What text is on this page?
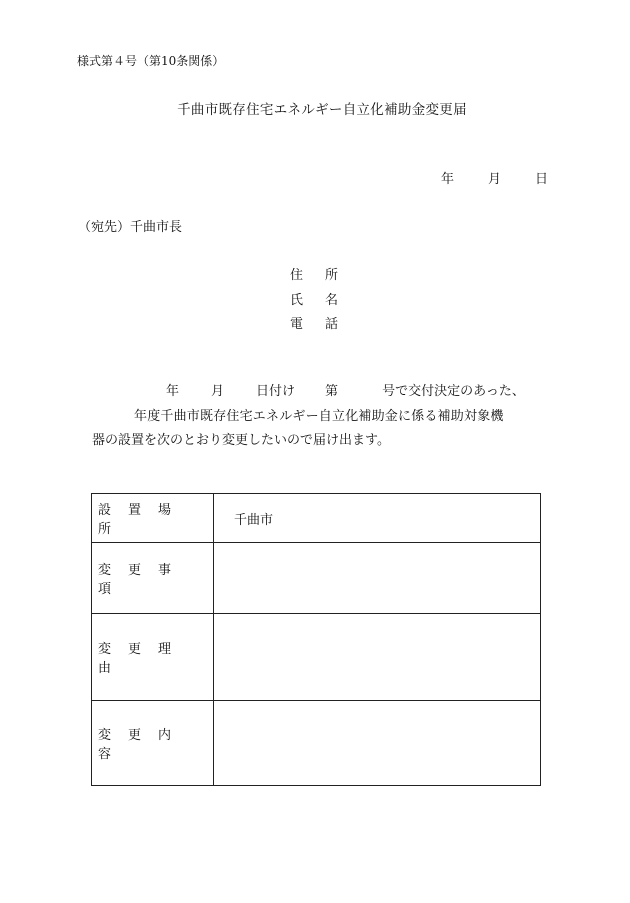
様式第４号（第10条関係）
千曲市既存住宅エネルギー自立化補助金変更届
年	月	日
（宛先）千曲市長
住 所
氏 名
電 話
年 月 日付け 第	号で交付決定のあった、
年度千曲市既存住宅エネルギー自立化補助金に係る補助対象機
器の設置を次のとおり変更したいので届け出ます。
設置場所	千曲市
変更事項	
変更理由	
変更内容	
